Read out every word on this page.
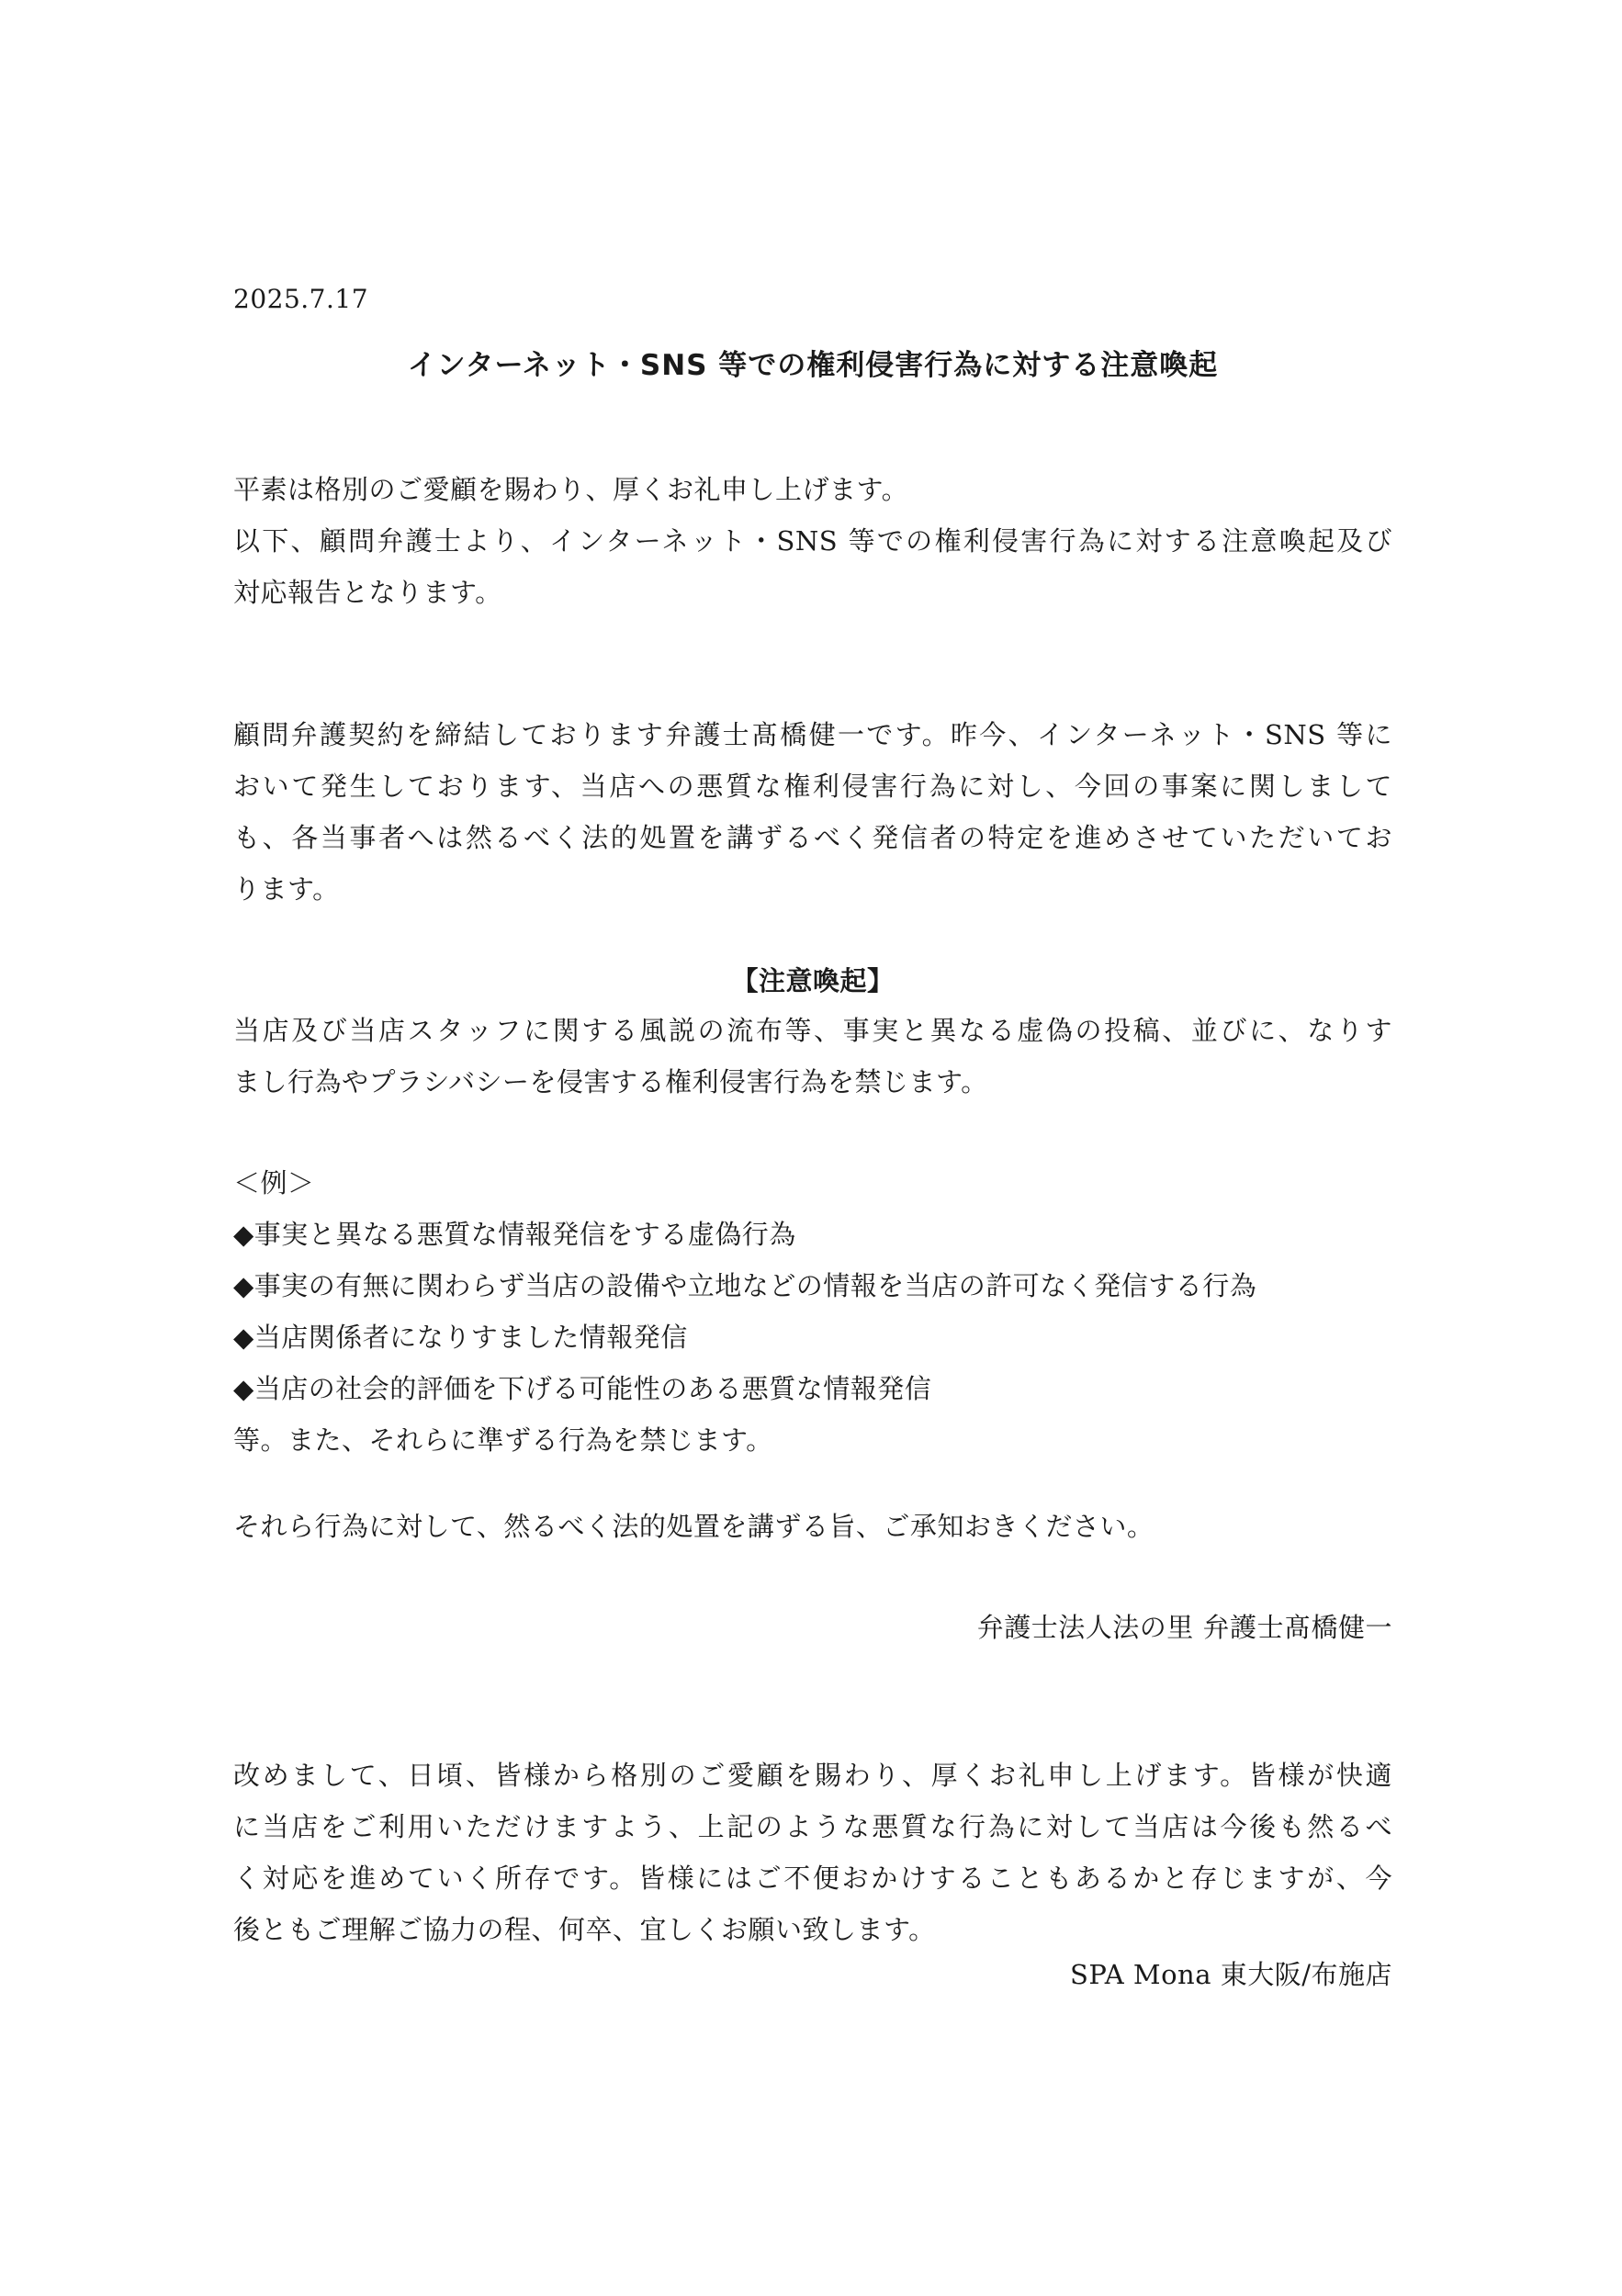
2025.7.17
インターネット・SNS 等での権利侵害行為に対する注意喚起
平素は格別のご愛顧を賜わり、厚くお礼申し上げます。
以下、顧問弁護士より、インターネット・SNS 等での権利侵害行為に対する注意喚起及び
対応報告となります。
顧問弁護契約を締結しております弁護士髙橋健一です。昨今、インターネット・SNS 等に
おいて発生しております、当店への悪質な権利侵害行為に対し、今回の事案に関しまして
も、各当事者へは然るべく法的処置を講ずるべく発信者の特定を進めさせていただいてお
ります。
【注意喚起】
当店及び当店スタッフに関する風説の流布等、事実と異なる虚偽の投稿、並びに、なりす
まし行為やプラシバシーを侵害する権利侵害行為を禁じます。
＜例＞
◆事実と異なる悪質な情報発信をする虚偽行為
◆事実の有無に関わらず当店の設備や立地などの情報を当店の許可なく発信する行為
◆当店関係者になりすました情報発信
◆当店の社会的評価を下げる可能性のある悪質な情報発信
等。また、それらに準ずる行為を禁じます。
それら行為に対して、然るべく法的処置を講ずる旨、ご承知おきください。
弁護士法人法の里 弁護士髙橋健一
改めまして、日頃、皆様から格別のご愛顧を賜わり、厚くお礼申し上げます。皆様が快適
に当店をご利用いただけますよう、上記のような悪質な行為に対して当店は今後も然るべ
く対応を進めていく所存です。皆様にはご不便おかけすることもあるかと存じますが、今
後ともご理解ご協力の程、何卒、宜しくお願い致します。
SPA Mona 東大阪/布施店
